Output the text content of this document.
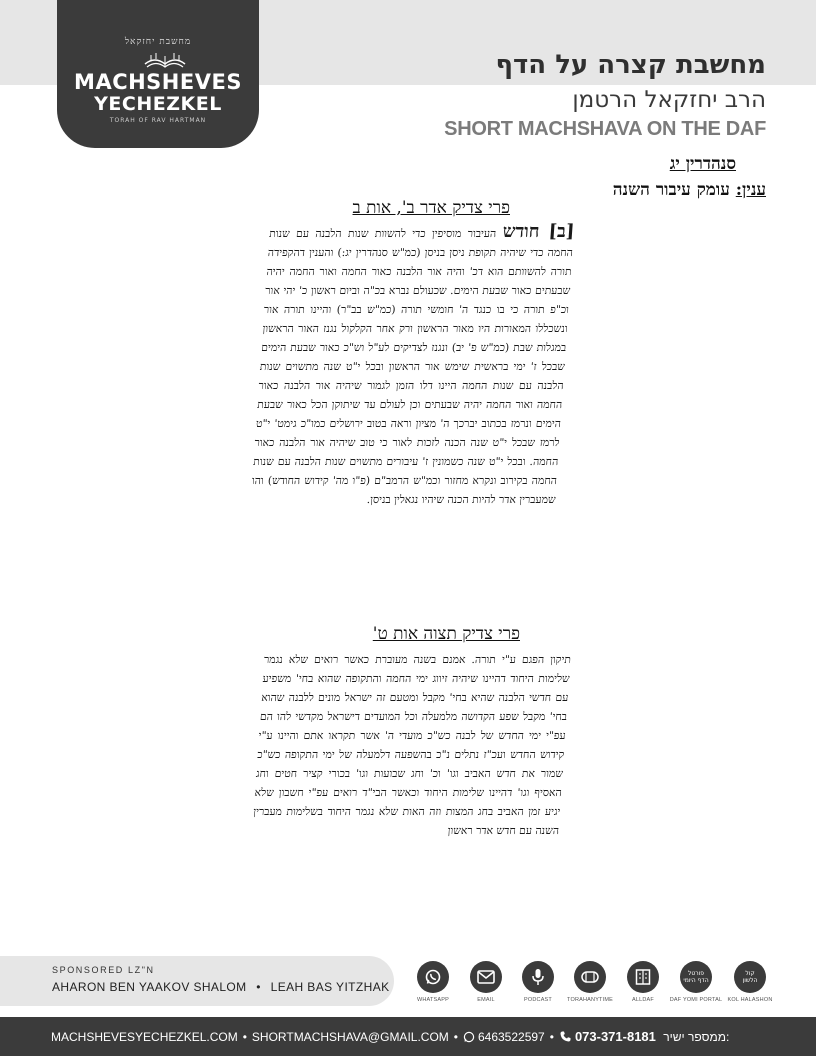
מחשבת יחזקאל
MACHSHEVES
YECHEZKEL
TORAH OF RAV HARTMAN
מחשבת קצרה על הדף
הרב יחזקאל הרטמן
SHORT MACHSHAVA ON THE DAF
סנהדרין יג
ענין: עומק עיבור השנה
פרי צדיק אדר ב', אות ב
[ב] חודש העיבור מוסיפין כדי להשוות שנות הלבנה עם שנות החמה כדי שיהיה תקופת ניסן בניסן (כמ"ש סנהדרין יג:) והענין דהקפידה תורה להשוותם הוא דכ' והיה אור הלבנה כאור החמה ואור החמה יהיה שבעתים כאור שבעת הימים. שכעולם נברא בכ"ה וביום ראשון כ' יהי אור וכ"פ תורה כי בו כנגד ה' חומשי תורה (כמ"ש בב"ר) והיינו תורה אור ונשכללו המאורות היו מאור הראשון ורק אחר הקלקול נגנז האור הראשון במגלות שבת (כמ"ש פ' יב) ונגנז לצדיקים לע"ל וש"כ כאור שבעת הימים שבכל ז' ימי בראשית שימש אור הראשון ובכל י"ט שנה מתשוים שנות הלבנה עם שנות החמה היינו דלו הזמן לגמור שיהיה אור הלבנה כאור החמה ואור החמה יהיה שבעתים וכן לעולם עד שיתוקן הכל כאור שבעת הימים ונרמז בכתוב יברכך ה' מציון וראה בטוב ירושלים כמו"כ גימט' י"ט לרמז שבכל י"ט שנה הכנה לזכות לאור כי טוב שיהיה אור הלבנה כאור החמה. ובכל י"ט שנה כשמונין ז' עיבורים מתשוים שנות הלבנה עם שנות החמה בקירוב ונקרא מחזור וכמ"ש הרמב"ם (פ"ו מה' קידוש החודש) והו שמעברין אדר להיות הכנה שיהיו נגאלין בניסן.
פרי צדיק תצוה אות ט'
תיקון הפגם ע"י תורה. אמנם בשנה מעוברת כאשר רואים שלא נגמר שלימות היחוד דהיינו שיהיה זיווג ימי החמה והתקופה שהוא בחי' משפיע עם חדשי הלבנה שהיא בחי' מקבל ומטעם זה ישראל מונים ללבנה שהוא בחי' מקבל שפע הקדושה מלמעלה וכל המועדים דישראל מקדשי להו הם עפ"י ימי החדש של לבנה כש"כ מועדי ה' אשר תקראו אתם והיינו ע"י קידוש החדש ועכ"ז נתלים נ"כ בהשפעה דלמעלה של ימי התקופה כש"כ שמור את חדש האביב וגו' וכ' וחג שבועות וגו' בכורי קציר חטים וחג האסיף וגו' דהיינו שלימות היחוד וכאשר הבי"ד רואים עפ"י חשבון שלא יגיע זמן האביב בחג המצות וזה האות שלא נגמר היחוד בשלימות מעברין השנה עם חדש אדר ראשון
SPONSORED LZ"N
AHARON BEN YAAKOV SHALOM • LEAH BAS YITZHAK
WHATSAPP	EMAIL	PODCAST	TORAHANYTIME	ALLDAF
פורטל
הדף היומי
DAF YOMI PORTAL
קול
הלשון
KOL HALASHON
MACHSHEVESYECHEZKEL.COM • SHORTMACHSHAVA@GMAIL.COM • 6463522597 • 073-371-8181 ממספר ישיר:
